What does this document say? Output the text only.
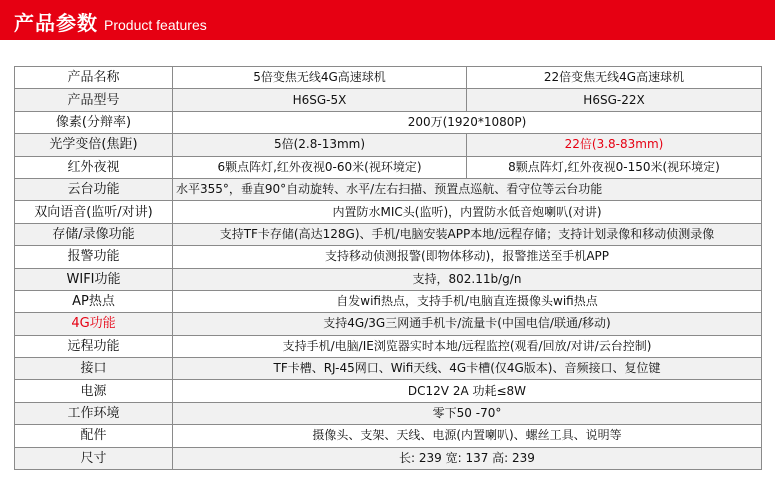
产品参数 Product features
产品名称	5倍变焦无线4G高速球机	22倍变焦无线4G高速球机
产品型号	H6SG-5X	H6SG-22X
像素(分辩率)	200万(1920*1080P)	
光学变倍(焦距)	5倍(2.8-13mm)	22倍(3.8-83mm)
红外夜视	6颗点阵灯,红外夜视0-60米(视环境定)	8颗点阵灯,红外夜视0-150米(视环境定)
云台功能	水平355°，垂直90°自动旋转、水平/左右扫描、预置点巡航、看守位等云台功能	
双向语音(监听/对讲)	内置防水MIC头(监听)，内置防水低音炮喇叭(对讲)	
存储/录像功能	支持TF卡存储(高达128G)、手机/电脑安装APP本地/远程存储；支持计划录像和移动侦测录像	
报警功能	支持移动侦测报警(即物体移动)，报警推送至手机APP	
WIFI功能	支持，802.11b/g/n	
AP热点	自发wifi热点，支持手机/电脑直连摄像头wifi热点	
4G功能	支持4G/3G三网通手机卡/流量卡(中国电信/联通/移动)	
远程功能	支持手机/电脑/IE浏览器实时本地/远程监控(观看/回放/对讲/云台控制)	
接口	TF卡槽、RJ-45网口、Wifi天线、4G卡槽(仅4G版本)、音频接口、复位键	
电源	DC12V 2A 功耗≤8W	
工作环境	零下50 -70°	
配件	摄像头、支架、天线、电源(内置喇叭)、螺丝工具、说明等	
尺寸	长: 239 宽: 137 高: 239	
